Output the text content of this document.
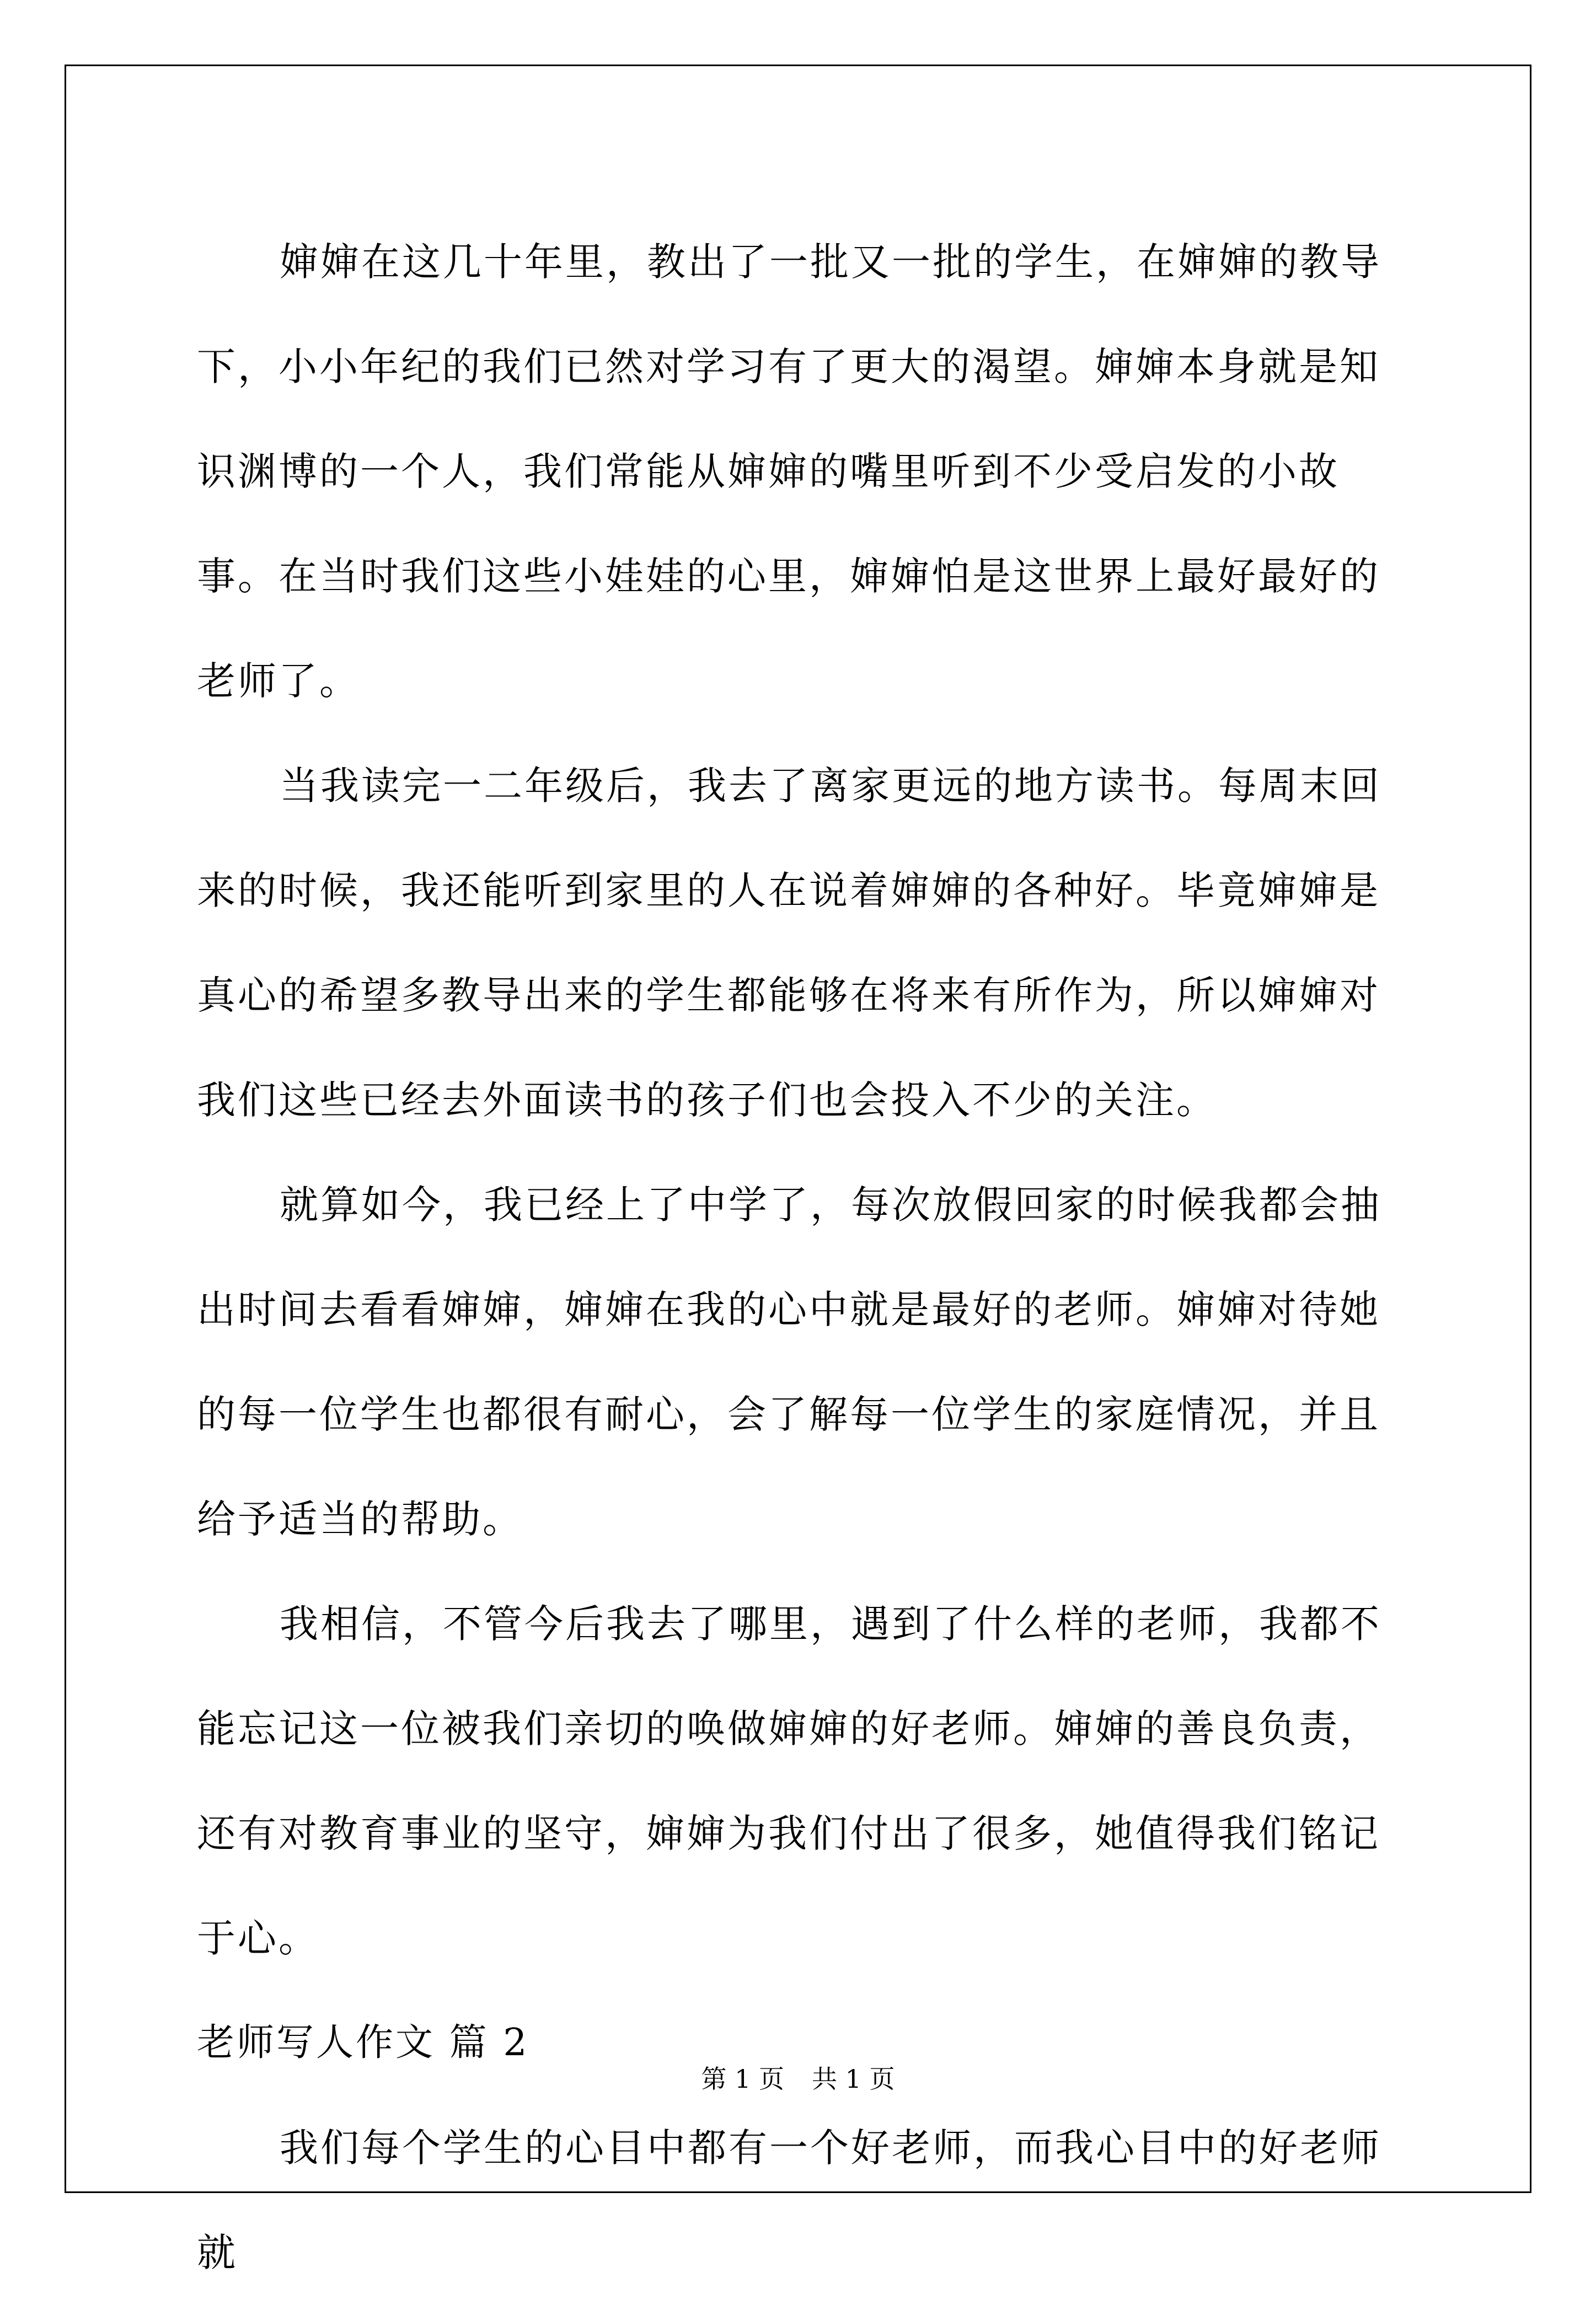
婶婶在这几十年里，教出了一批又一批的学生，在婶婶的教导下，小小年纪的我们已然对学习有了更大的渴望。婶婶本身就是知识渊博的一个人，我们常能从婶婶的嘴里听到不少受启发的小故事。在当时我们这些小娃娃的心里，婶婶怕是这世界上最好最好的老师了。

当我读完一二年级后，我去了离家更远的地方读书。每周末回来的时候，我还能听到家里的人在说着婶婶的各种好。毕竟婶婶是真心的希望多教导出来的学生都能够在将来有所作为，所以婶婶对我们这些已经去外面读书的孩子们也会投入不少的关注。

就算如今，我已经上了中学了，每次放假回家的时候我都会抽出时间去看看婶婶，婶婶在我的心中就是最好的老师。婶婶对待她的每一位学生也都很有耐心，会了解每一位学生的家庭情况，并且给予适当的帮助。

我相信，不管今后我去了哪里，遇到了什么样的老师，我都不能忘记这一位被我们亲切的唤做婶婶的好老师。婶婶的善良负责，还有对教育事业的坚守，婶婶为我们付出了很多，她值得我们铭记于心。

老师写人作文 篇 2

我们每个学生的心目中都有一个好老师，而我心目中的好老师就

第 1 页 共 1 页
